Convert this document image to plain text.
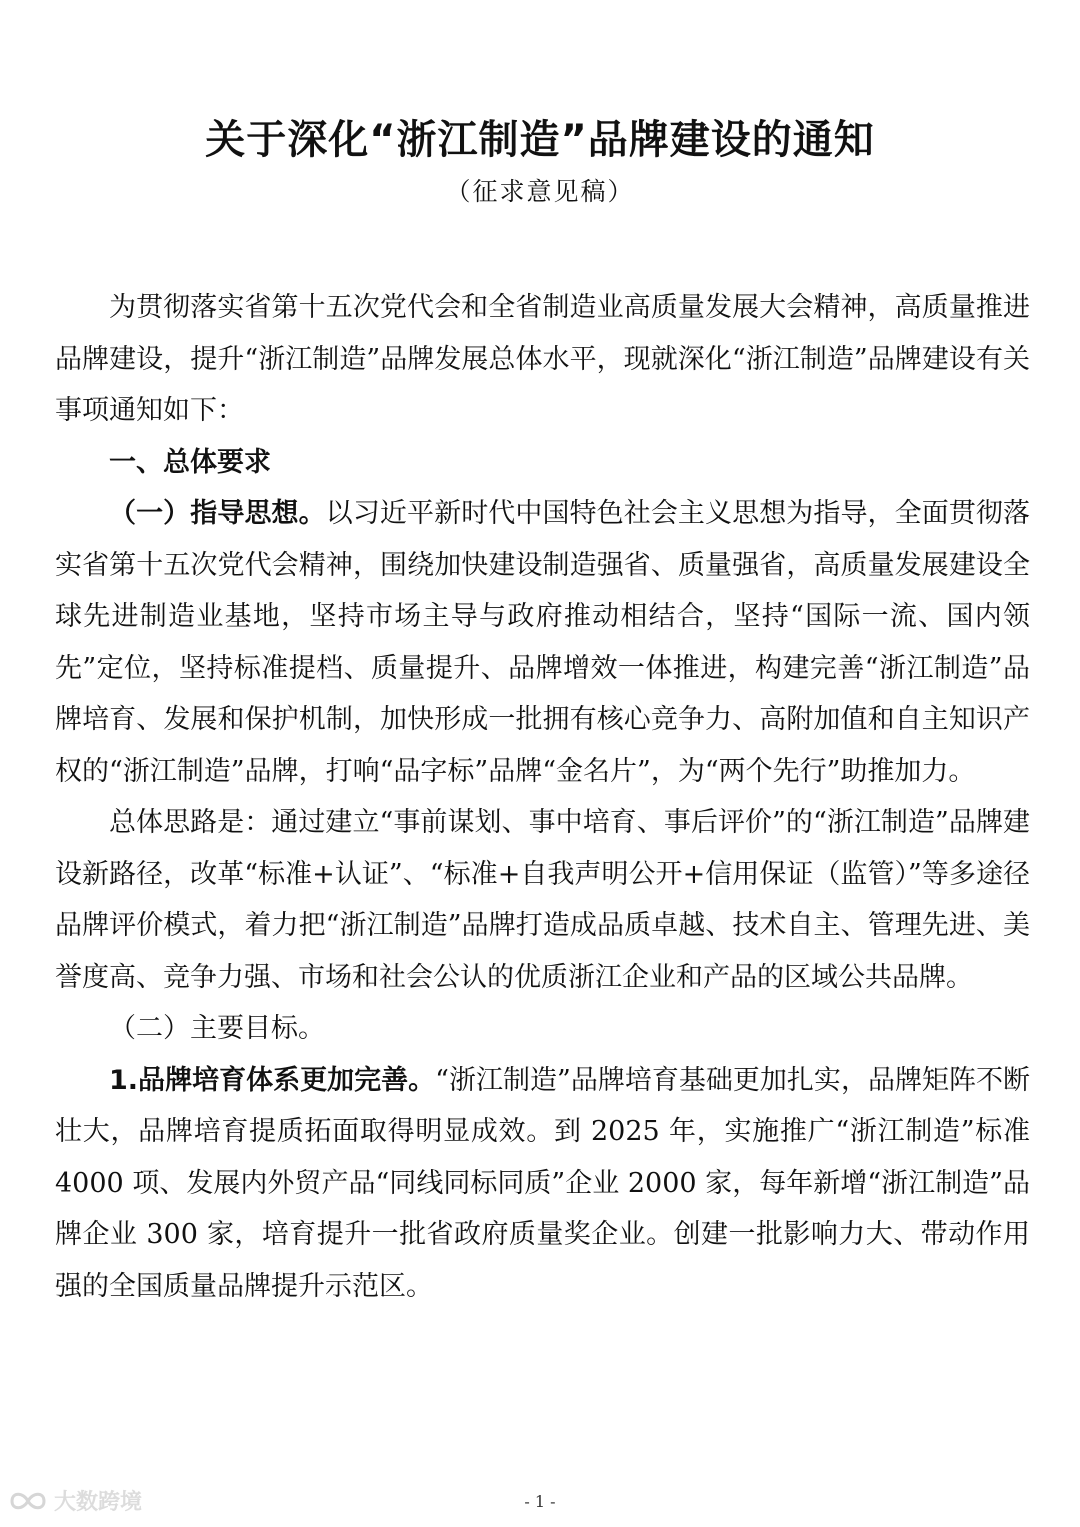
关于深化“浙江制造”品牌建设的通知
（征求意见稿）

为贯彻落实省第十五次党代会和全省制造业高质量发展大会精神，高质量推进品牌建设，提升“浙江制造”品牌发展总体水平，现就深化“浙江制造”品牌建设有关事项通知如下：

一、总体要求

（一）指导思想。以习近平新时代中国特色社会主义思想为指导，全面贯彻落实省第十五次党代会精神，围绕加快建设制造强省、质量强省，高质量发展建设全球先进制造业基地，坚持市场主导与政府推动相结合，坚持“国际一流、国内领先”定位，坚持标准提档、质量提升、品牌增效一体推进，构建完善“浙江制造”品牌培育、发展和保护机制，加快形成一批拥有核心竞争力、高附加值和自主知识产权的“浙江制造”品牌，打响“品字标”品牌“金名片”，为“两个先行”助推加力。

总体思路是：通过建立“事前谋划、事中培育、事后评价”的“浙江制造”品牌建设新路径，改革“标准+认证”、“标准+自我声明公开+信用保证（监管）”等多途径品牌评价模式，着力把“浙江制造”品牌打造成品质卓越、技术自主、管理先进、美誉度高、竞争力强、市场和社会公认的优质浙江企业和产品的区域公共品牌。

（二）主要目标。

1.品牌培育体系更加完善。“浙江制造”品牌培育基础更加扎实，品牌矩阵不断壮大，品牌培育提质拓面取得明显成效。到 2025 年，实施推广“浙江制造”标准 4000 项、发展内外贸产品“同线同标同质”企业 2000 家，每年新增“浙江制造”品牌企业 300 家，培育提升一批省政府质量奖企业。创建一批影响力大、带动作用强的全国质量品牌提升示范区。

大数跨境	- 1 -
